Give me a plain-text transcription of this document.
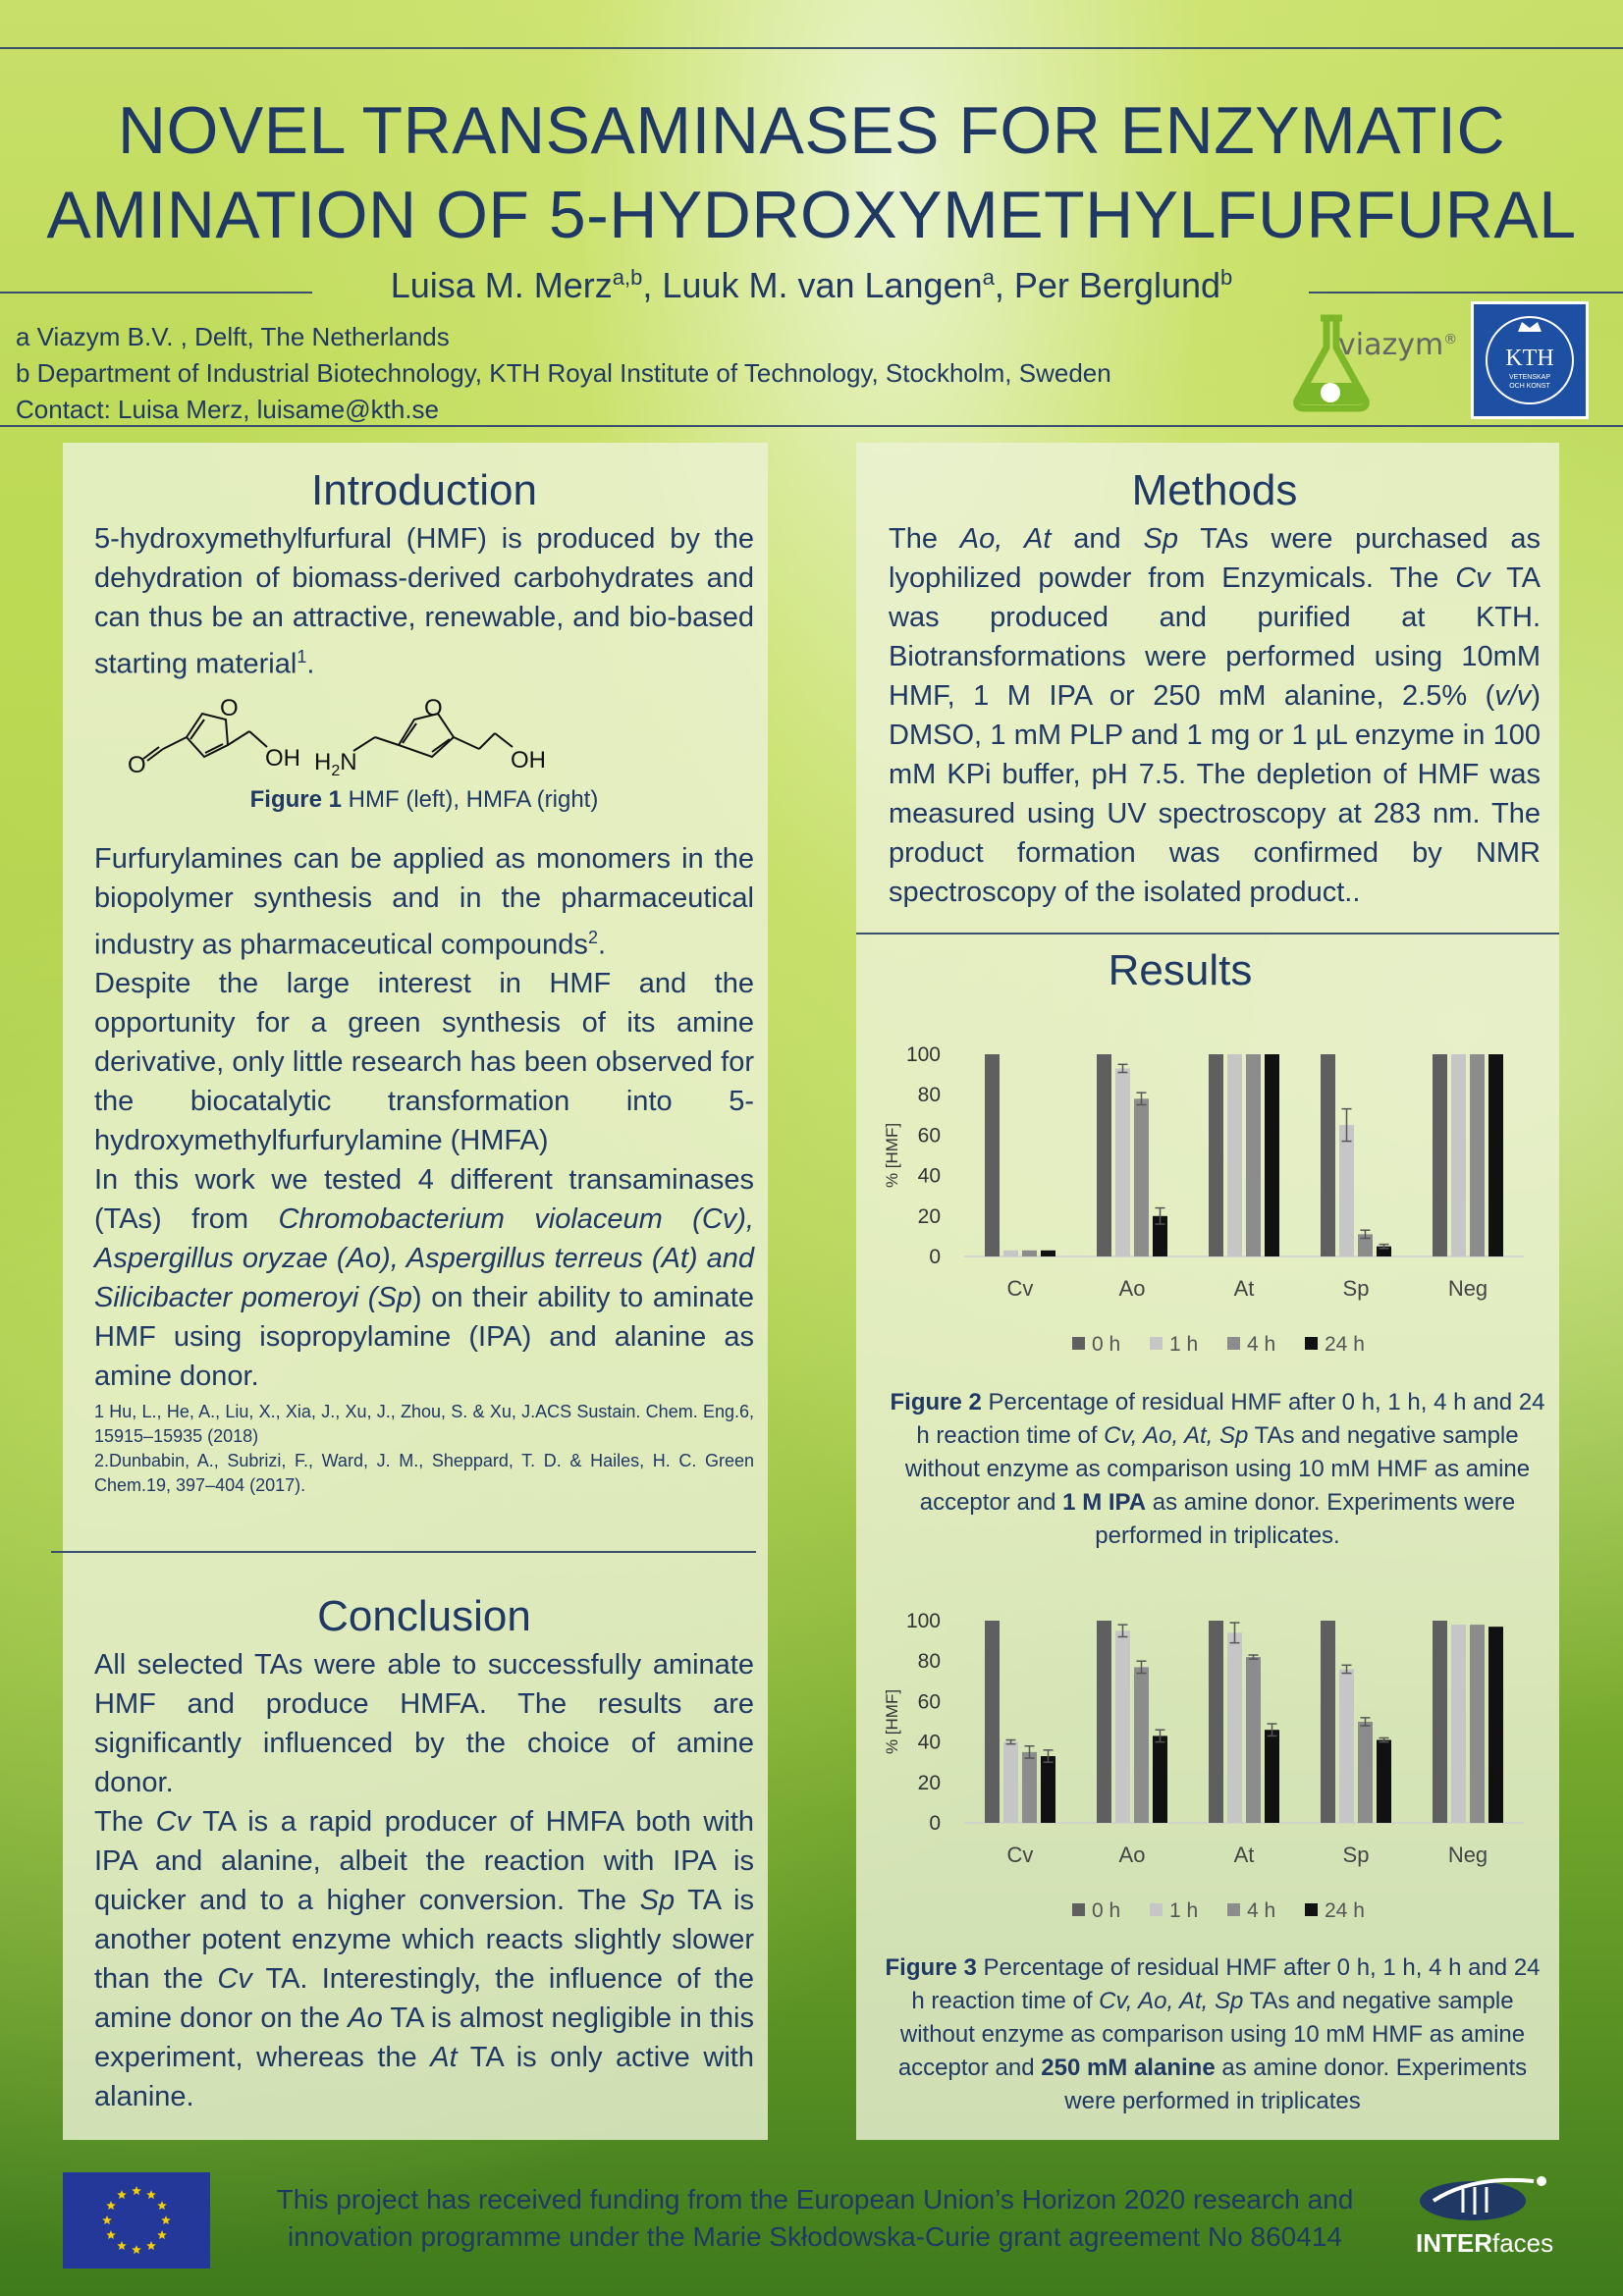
NOVEL TRANSAMINASES FOR ENZYMATIC
AMINATION OF 5-HYDROXYMETHYLFURFURAL
Luisa M. Merz$^{a,b}$, Luuk M. van Langen$^a$, Per Berglund$^b$
a Viazym B.V. , Delft, The Netherlands
b Department of Industrial Biotechnology, KTH Royal Institute of Technology, Stockholm, Sweden
Contact: Luisa Merz, luisame@kth.se
viazym®
KTH
VETENSKAP
OCH KONST
Introduction

5-hydroxymethylfurfural (HMF) is produced by the dehydration of biomass-derived carbohydrates and can thus be an attractive, renewable, and bio-based starting material$^1$.

O
O	O
OH $H_2N$	OH
Figure 1 HMF (left), HMFA (right)

Furfurylamines can be applied as monomers in the biopolymer synthesis and in the pharmaceutical industry as pharmaceutical compounds$^2$.

Despite the large interest in HMF and the opportunity for a green synthesis of its amine derivative, only little research has been observed for the biocatalytic transformation into 5-hydroxymethylfurfurylamine (HMFA)

In this work we tested 4 different transaminases (TAs) from Chromobacterium violaceum (Cv), Aspergillus oryzae (Ao), Aspergillus terreus (At) and Silicibacter pomeroyi (Sp) on their ability to aminate HMF using isopropylamine (IPA) and alanine as amine donor.

1 Hu, L., He, A., Liu, X., Xia, J., Xu, J., Zhou, S. & Xu, J.ACS Sustain. Chem. Eng.6, 15915–15935 (2018)
2.Dunbabin, A., Subrizi, F., Ward, J. M., Sheppard, T. D. & Hailes, H. C. Green Chem.19, 397–404 (2017).
Conclusion

All selected TAs were able to successfully aminate HMF and produce HMFA. The results are significantly influenced by the choice of amine donor.

The Cv TA is a rapid producer of HMFA both with IPA and alanine, albeit the reaction with IPA is quicker and to a higher conversion. The Sp TA is another potent enzyme which reacts slightly slower than the Cv TA. Interestingly, the influence of the amine donor on the Ao TA is almost negligible in this experiment, whereas the At TA is only active with alanine.

Methods

The Ao, At and Sp TAs were purchased as lyophilized powder from Enzymicals. The Cv TA was produced and purified at KTH. Biotransformations were performed using 10mM HMF, 1 M IPA or 250 mM alanine, 2.5% (v/v) DMSO, 1 mM PLP and 1 mg or 1 µL enzyme in 100 mM KPi buffer, pH 7.5. The depletion of HMF was measured using UV spectroscopy at 283 nm. The product formation was confirmed by NMR spectroscopy of the isolated product..

Results
0
20
40
60
80
100
% [HMF]
Cv	Ao	At	Sp	Neg
0 h 1 h 4 h 24 h
Figure 2 Percentage of residual HMF after 0 h, 1 h, 4 h and 24 h reaction time of Cv, Ao, At, Sp TAs and negative sample without enzyme as comparison using 10 mM HMF as amine acceptor and 1 M IPA as amine donor. Experiments were performed in triplicates.
0
20
40
60
80
100
% [HMF]
Cv	Ao	At	Sp	Neg
0 h 1 h 4 h 24 h
Figure 3 Percentage of residual HMF after 0 h, 1 h, 4 h and 24 h reaction time of Cv, Ao, At, Sp TAs and negative sample without enzyme as comparison using 10 mM HMF as amine acceptor and 250 mM alanine as amine donor. Experiments were performed in triplicates
This project has received funding from the European Union’s Horizon 2020 research and innovation programme under the Marie Skłodowska-Curie grant agreement No 860414	INTERfaces
